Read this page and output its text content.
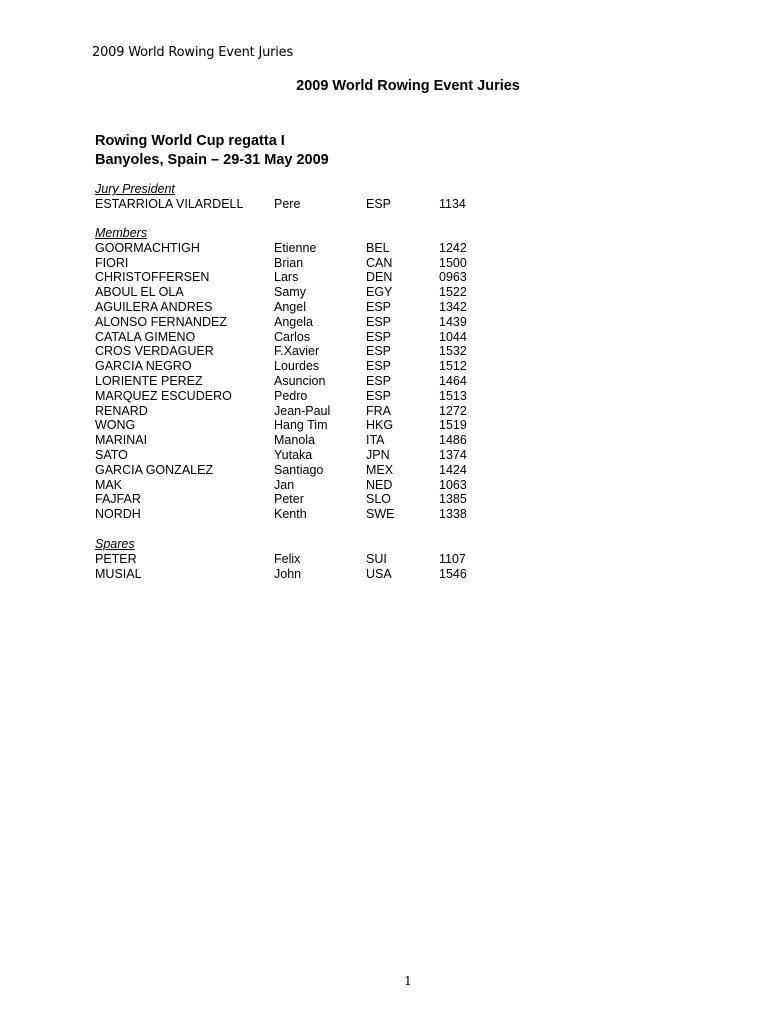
2009 World Rowing Event Juries
2009 World Rowing Event Juries
Rowing World Cup regatta I
Banyoles, Spain – 29-31 May 2009
Jury President
ESTARRIOLA VILARDELL	Pere	ESP	1134
Members
GOORMACHTIGH	Etienne	BEL	1242
FIORI	Brian	CAN	1500
CHRISTOFFERSEN	Lars	DEN	0963
ABOUL EL OLA	Samy	EGY	1522
AGUILERA ANDRES	Angel	ESP	1342
ALONSO FERNANDEZ	Angela	ESP	1439
CATALA GIMENO	Carlos	ESP	1044
CROS VERDAGUER	F.Xavier	ESP	1532
GARCIA NEGRO	Lourdes	ESP	1512
LORIENTE PEREZ	Asuncion	ESP	1464
MARQUEZ ESCUDERO	Pedro	ESP	1513
RENARD	Jean-Paul	FRA	1272
WONG	Hang Tim	HKG	1519
MARINAI	Manola	ITA	1486
SATO	Yutaka	JPN	1374
GARCIA GONZALEZ	Santiago	MEX	1424
MAK	Jan	NED	1063
FAJFAR	Peter	SLO	1385
NORDH	Kenth	SWE	1338
Spares
PETER	Felix	SUI	1107
MUSIAL	John	USA	1546
1
